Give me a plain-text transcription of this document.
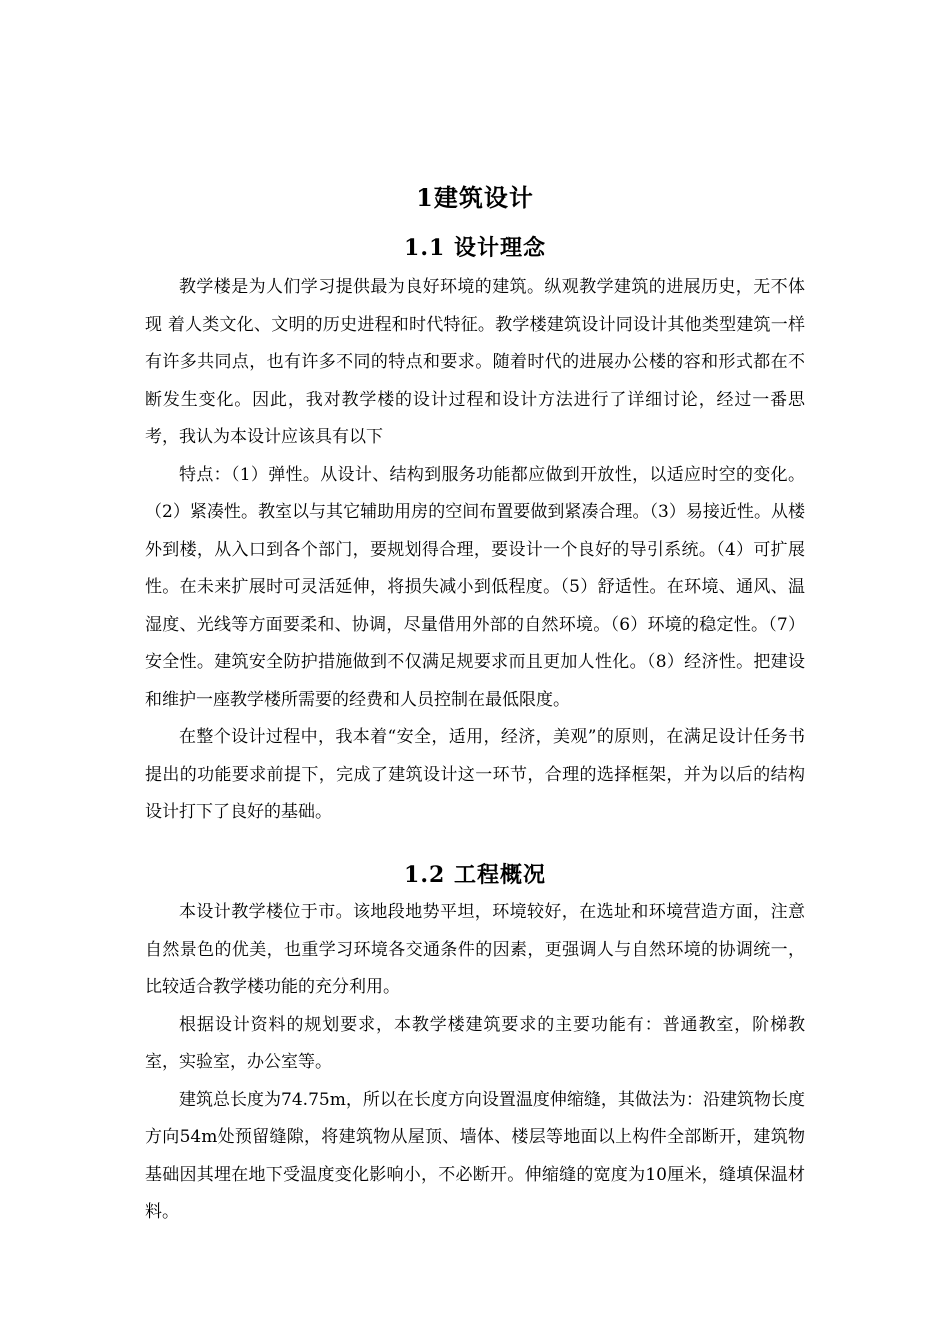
1建筑设计
1.1 设计理念

教学楼是为人们学习提供最为良好环境的建筑。纵观教学建筑的进展历史，无不体现 着人类文化、文明的历史进程和时代特征。教学楼建筑设计同设计其他类型建筑一样有许多共同点，也有许多不同的特点和要求。随着时代的进展办公楼的容和形式都在不断发生变化。因此，我对教学楼的设计过程和设计方法进行了详细讨论，经过一番思考，我认为本设计应该具有以下

特点：（1）弹性。从设计、结构到服务功能都应做到开放性，以适应时空的变化。（2）紧凑性。教室以与其它辅助用房的空间布置要做到紧凑合理。（3）易接近性。从楼外到楼，从入口到各个部门，要规划得合理，要设计一个良好的导引系统。（4）可扩展性。在未来扩展时可灵活延伸，将损失减小到低程度。（5）舒适性。在环境、通风、温湿度、光线等方面要柔和、协调，尽量借用外部的自然环境。（6）环境的稳定性。（7）安全性。建筑安全防护措施做到不仅满足规要求而且更加人性化。（8）经济性。把建设和维护一座教学楼所需要的经费和人员控制在最低限度。

在整个设计过程中，我本着“安全，适用，经济，美观”的原则，在满足设计任务书提出的功能要求前提下，完成了建筑设计这一环节，合理的选择框架，并为以后的结构设计打下了良好的基础。

1.2 工程概况

本设计教学楼位于市。该地段地势平坦，环境较好，在选址和环境营造方面，注意自然景色的优美，也重学习环境各交通条件的因素，更强调人与自然环境的协调统一，比较适合教学楼功能的充分利用。

根据设计资料的规划要求，本教学楼建筑要求的主要功能有：普通教室，阶梯教室，实验室，办公室等。

建筑总长度为74.75m，所以在长度方向设置温度伸缩缝，其做法为：沿建筑物长度方向54m处预留缝隙，将建筑物从屋顶、墙体、楼层等地面以上构件全部断开，建筑物基础因其埋在地下受温度变化影响小，不必断开。伸缩缝的宽度为10厘米，缝填保温材料。
